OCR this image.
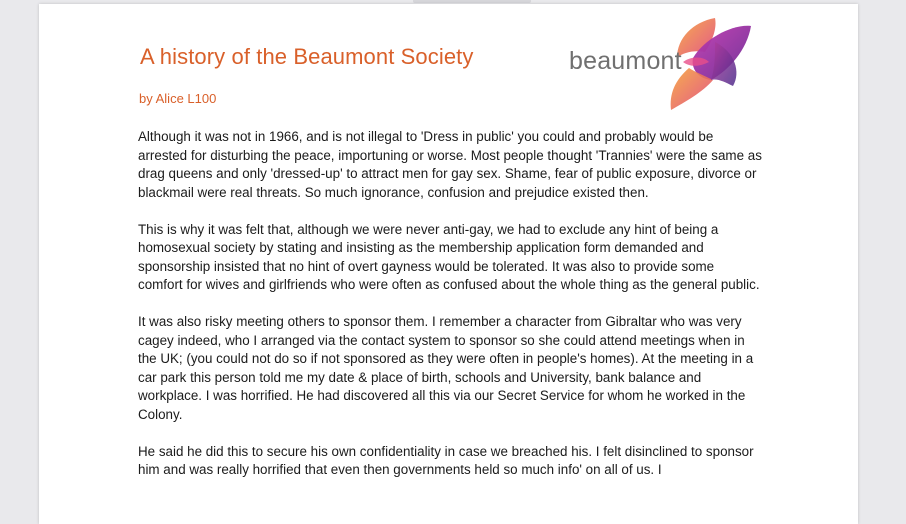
A history of the Beaumont Society
by Alice L100
beaumont

Although it was not in 1966, and is not illegal to 'Dress in public' you could and probably would be arrested for disturbing the peace, importuning or worse. Most people thought 'Trannies' were the same as drag queens and only 'dressed-up' to attract men for gay sex. Shame, fear of public exposure, divorce or blackmail were real threats. So much ignorance, confusion and prejudice existed then.

This is why it was felt that, although we were never anti-gay, we had to exclude any hint of being a homosexual society by stating and insisting as the membership application form demanded and sponsorship insisted that no hint of overt gayness would be tolerated. It was also to provide some comfort for wives and girlfriends who were often as confused about the whole thing as the general public.

It was also risky meeting others to sponsor them. I remember a character from Gibraltar who was very cagey indeed, who I arranged via the contact system to sponsor so she could attend meetings when in the UK; (you could not do so if not sponsored as they were often in people's homes). At the meeting in a car park this person told me my date & place of birth, schools and University, bank balance and workplace. I was horrified. He had discovered all this via our Secret Service for whom he worked in the Colony.

He said he did this to secure his own confidentiality in case we breached his. I felt disinclined to sponsor him and was really horrified that even then governments held so much info' on all of us. I
